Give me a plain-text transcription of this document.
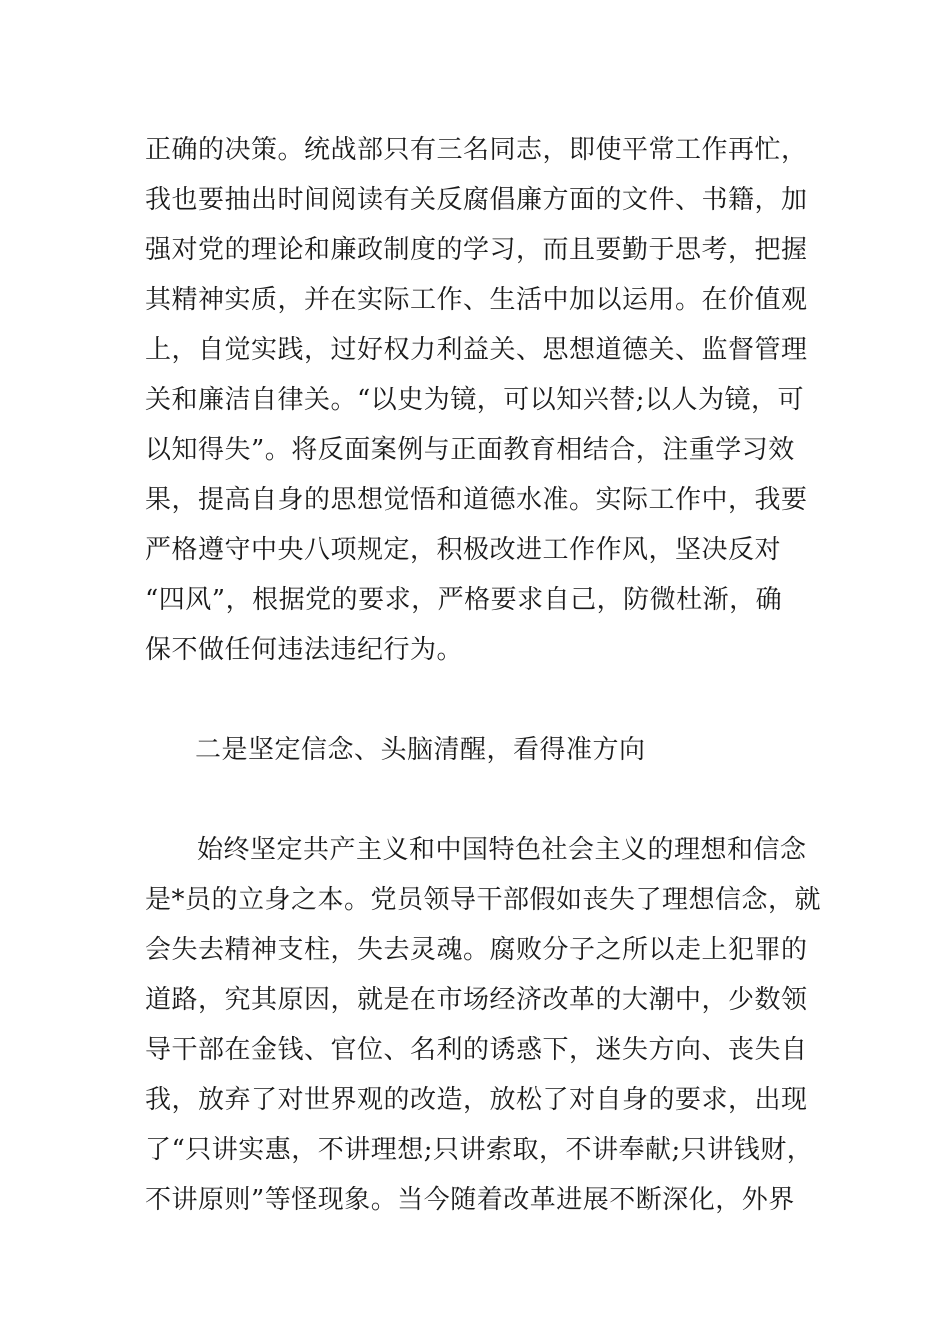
正确的决策。统战部只有三名同志，即使平常工作再忙，
我也要抽出时间阅读有关反腐倡廉方面的文件、书籍，加
强对党的理论和廉政制度的学习，而且要勤于思考，把握
其精神实质，并在实际工作、生活中加以运用。在价值观
上，自觉实践，过好权力利益关、思想道德关、监督管理
关和廉洁自律关。“以史为镜，可以知兴替;以人为镜，可
以知得失”。将反面案例与正面教育相结合，注重学习效
果，提高自身的思想觉悟和道德水准。实际工作中，我要
严格遵守中央八项规定，积极改进工作作风，坚决反对
“四风”，根据党的要求，严格要求自己，防微杜渐，确
保不做任何违法违纪行为。
二是坚定信念、头脑清醒，看得准方向
始终坚定共产主义和中国特色社会主义的理想和信念
是*员的立身之本。党员领导干部假如丧失了理想信念，就
会失去精神支柱，失去灵魂。腐败分子之所以走上犯罪的
道路，究其原因，就是在市场经济改革的大潮中，少数领
导干部在金钱、官位、名利的诱惑下，迷失方向、丧失自
我，放弃了对世界观的改造，放松了对自身的要求，出现
了“只讲实惠，不讲理想;只讲索取，不讲奉献;只讲钱财，
不讲原则”等怪现象。当今随着改革进展不断深化，外界
